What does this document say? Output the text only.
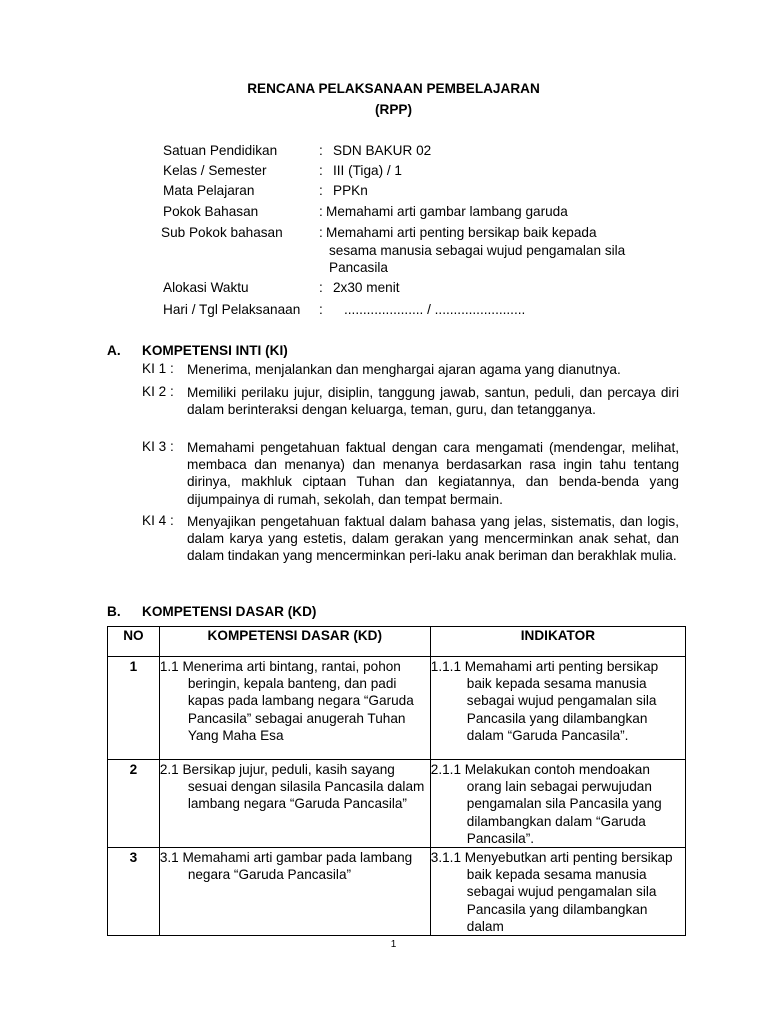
RENCANA PELAKSANAAN PEMBELAJARAN
(RPP)
Satuan Pendidikan	: SDN BAKUR 02
Kelas / Semester	: III (Tiga) / 1
Mata Pelajaran	: PPKn
Pokok Bahasan	: Memahami arti gambar lambang garuda
Sub Pokok bahasan	: Memahami arti penting bersikap baik kepada
sesama manusia sebagai wujud pengamalan sila
Pancasila
Alokasi Waktu	: 2x30 menit
Hari / Tgl Pelaksanaan : ..................... / ........................
A. KOMPETENSI INTI (KI)
KI 1 : Menerima, menjalankan dan menghargai ajaran agama yang dianutnya.
KI 2 : Memiliki perilaku jujur, disiplin, tanggung jawab, santun, peduli, dan percaya diri dalam berinteraksi dengan keluarga, teman, guru, dan tetangganya.
KI 3 : Memahami pengetahuan faktual dengan cara mengamati (mendengar, melihat, membaca dan menanya) dan menanya berdasarkan rasa ingin tahu tentang dirinya, makhluk ciptaan Tuhan dan kegiatannya, dan benda-benda yang dijumpainya di rumah, sekolah, dan tempat bermain.
KI 4 : Menyajikan pengetahuan faktual dalam bahasa yang jelas, sistematis, dan logis, dalam karya yang estetis, dalam gerakan yang mencerminkan anak sehat, dan dalam tindakan yang mencerminkan peri-laku anak beriman dan berakhlak mulia.
B. KOMPETENSI DASAR (KD)
NO	KOMPETENSI DASAR (KD)	INDIKATOR
1	1.1 Menerima arti bintang, rantai, pohon beringin, kepala banteng, dan padi kapas pada lambang negara “Garuda Pancasila” sebagai anugerah Tuhan Yang Maha Esa	1.1.1 Memahami arti penting bersikap baik kepada sesama manusia sebagai wujud pengamalan sila Pancasila yang dilambangkan dalam “Garuda Pancasila”.

2	2.1 Bersikap jujur, peduli, kasih sayang sesuai dengan silasila Pancasila dalam lambang negara “Garuda Pancasila”	2.1.1 Melakukan contoh mendoakan orang lain sebagai perwujudan pengamalan sila Pancasila yang dilambangkan dalam “Garuda Pancasila”.

3	3.1 Memahami arti gambar pada lambang negara “Garuda Pancasila”	3.1.1 Menyebutkan arti penting bersikap baik kepada sesama manusia sebagai wujud pengamalan sila Pancasila yang dilambangkan dalam
1
